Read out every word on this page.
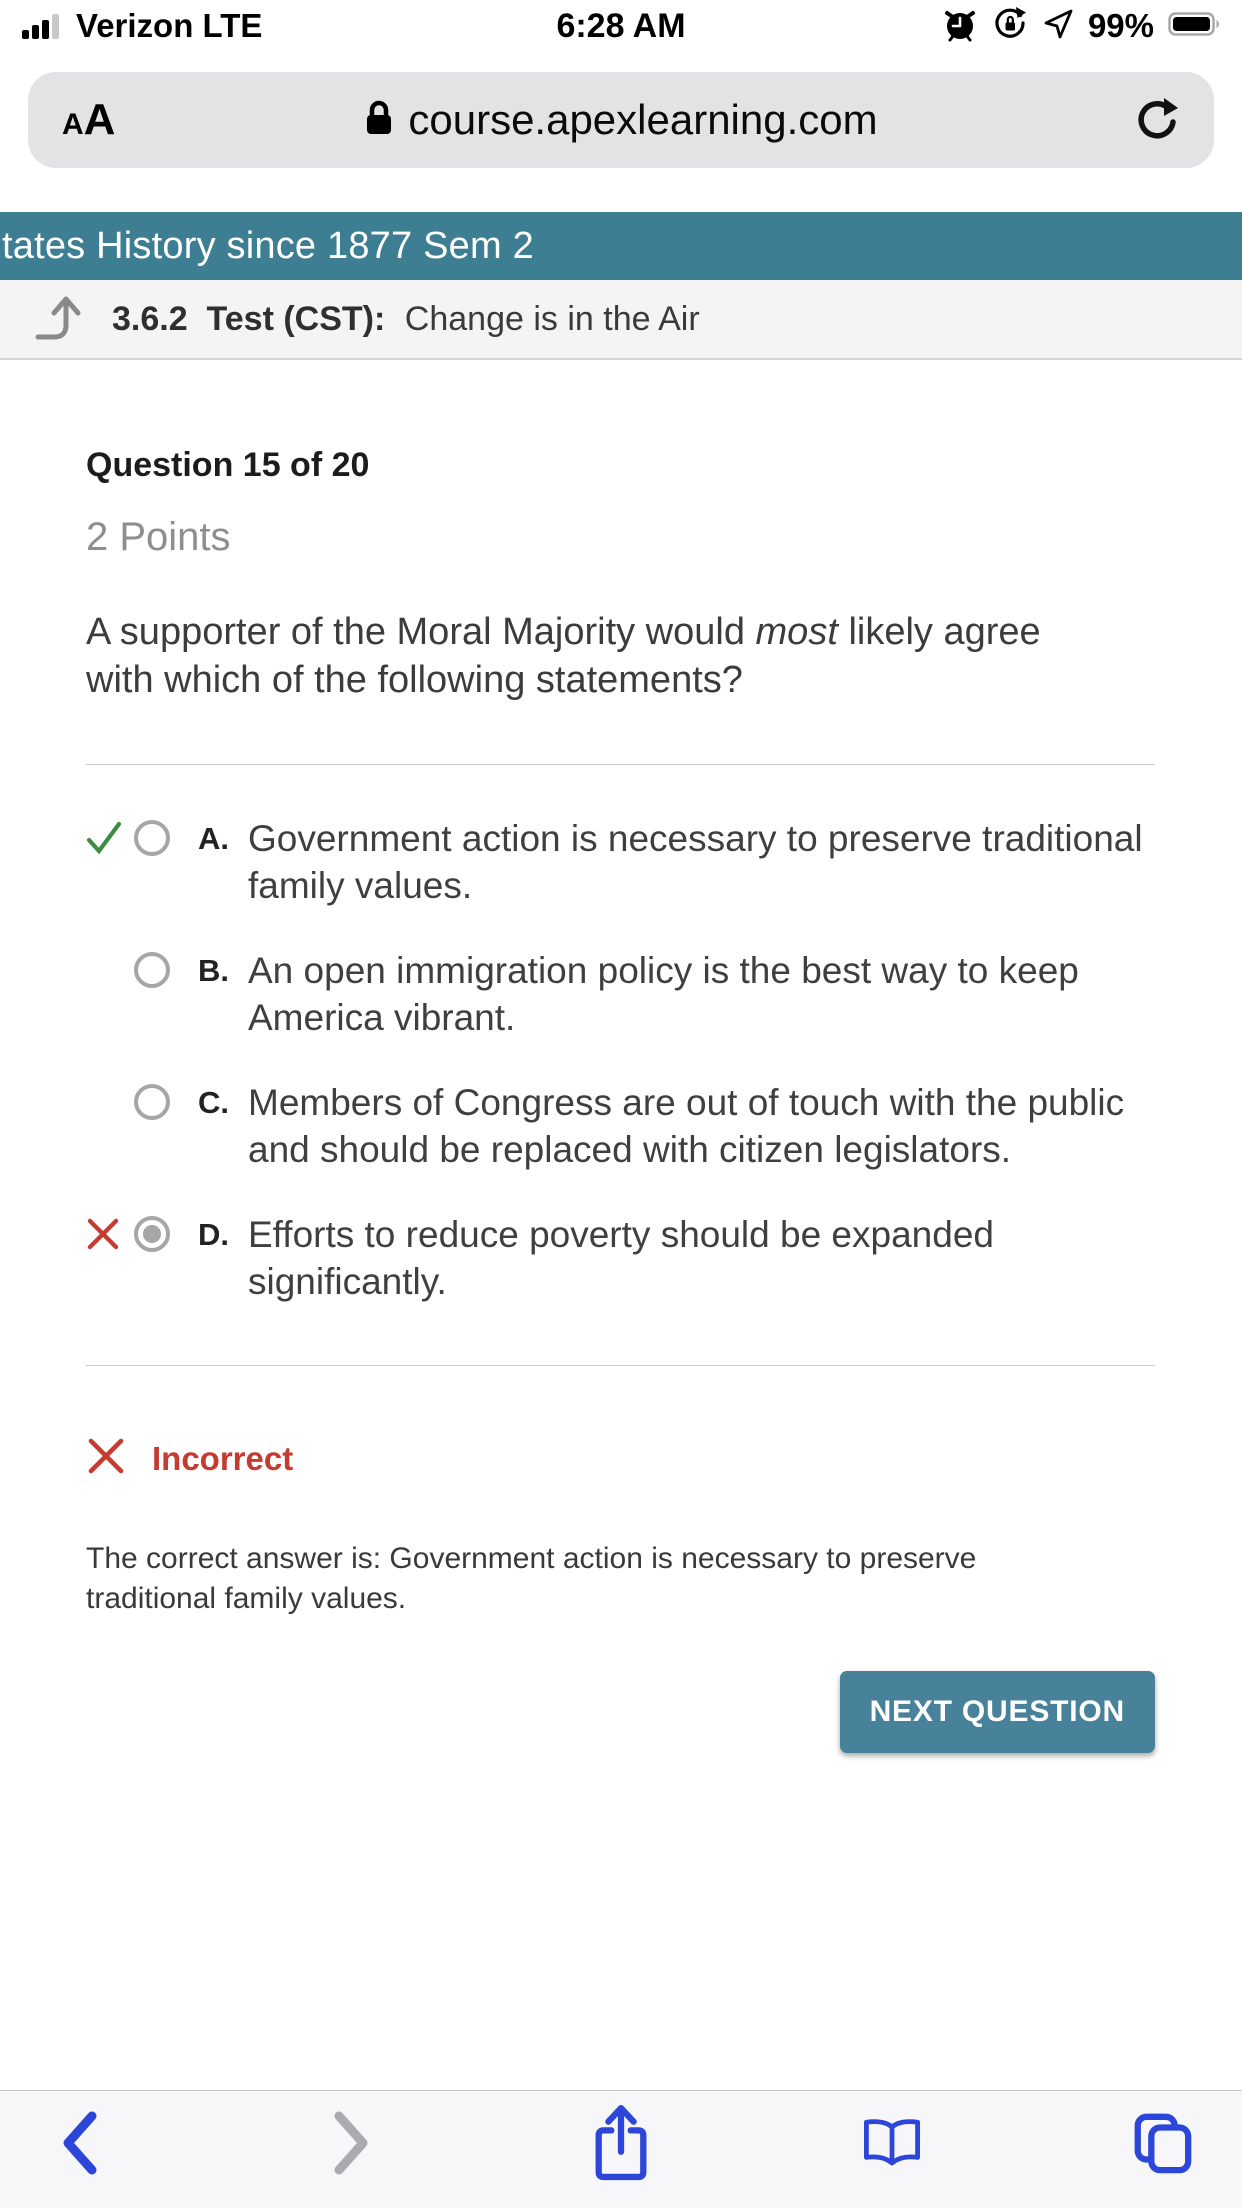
Verizon LTE	6:28 AM	99%
A A	course.apexlearning.com
tates History since 1877 Sem 2
3.6.2 Test (CST): Change is in the Air
Question 15 of 20
2 Points

A supporter of the Moral Majority would most likely agree with which of the following statements?

A. Government action is necessary to preserve traditional family values.
B. An open immigration policy is the best way to keep America vibrant.
C. Members of Congress are out of touch with the public and should be replaced with citizen legislators.
D. Efforts to reduce poverty should be expanded significantly.
Incorrect

The correct answer is: Government action is necessary to preserve traditional family values.

NEXT QUESTION
